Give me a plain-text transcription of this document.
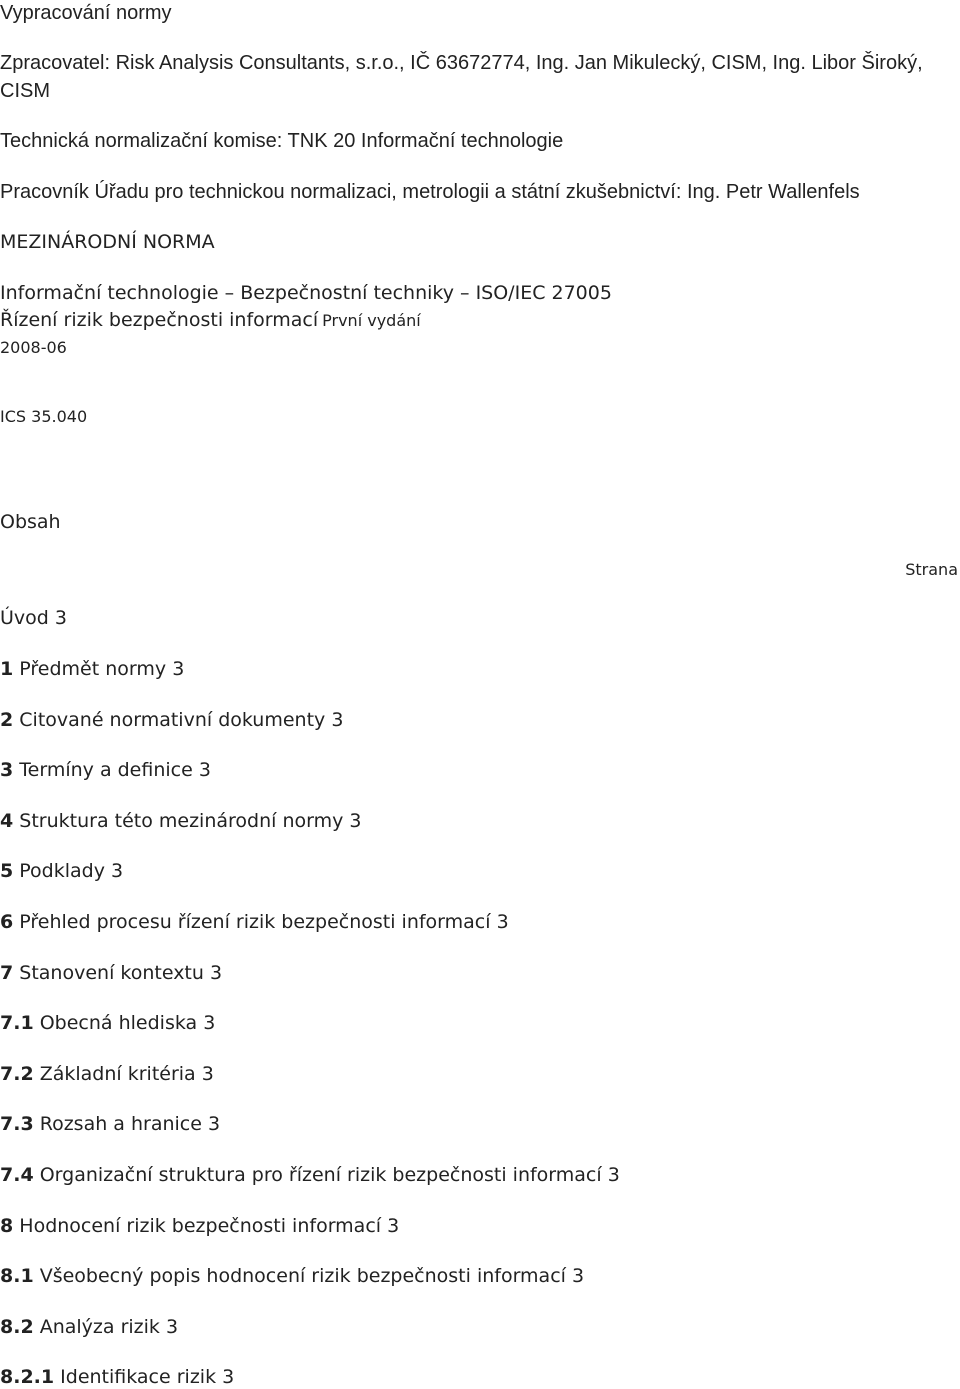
Vypracování normy
Zpracovatel: Risk Analysis Consultants, s.r.o., IČ 63672774, Ing. Jan Mikulecký, CISM, Ing. Libor Široký,
CISM
Technická normalizační komise: TNK 20 Informační technologie
Pracovník Úřadu pro technickou normalizaci, metrologii a státní zkušebnictví: Ing. Petr Wallenfels
MEZINÁRODNÍ NORMA
Informační technologie – Bezpečnostní techniky – ISO/IEC 27005
Řízení rizik bezpečnosti informací První vydání
2008-06
ICS 35.040
Obsah
Strana
Úvod 3
1 Předmět normy 3
2 Citované normativní dokumenty 3
3 Termíny a definice 3
4 Struktura této mezinárodní normy 3
5 Podklady 3
6 Přehled procesu řízení rizik bezpečnosti informací 3
7 Stanovení kontextu 3
7.1 Obecná hlediska 3
7.2 Základní kritéria 3
7.3 Rozsah a hranice 3
7.4 Organizační struktura pro řízení rizik bezpečnosti informací 3
8 Hodnocení rizik bezpečnosti informací 3
8.1 Všeobecný popis hodnocení rizik bezpečnosti informací 3
8.2 Analýza rizik 3
8.2.1 Identifikace rizik 3
